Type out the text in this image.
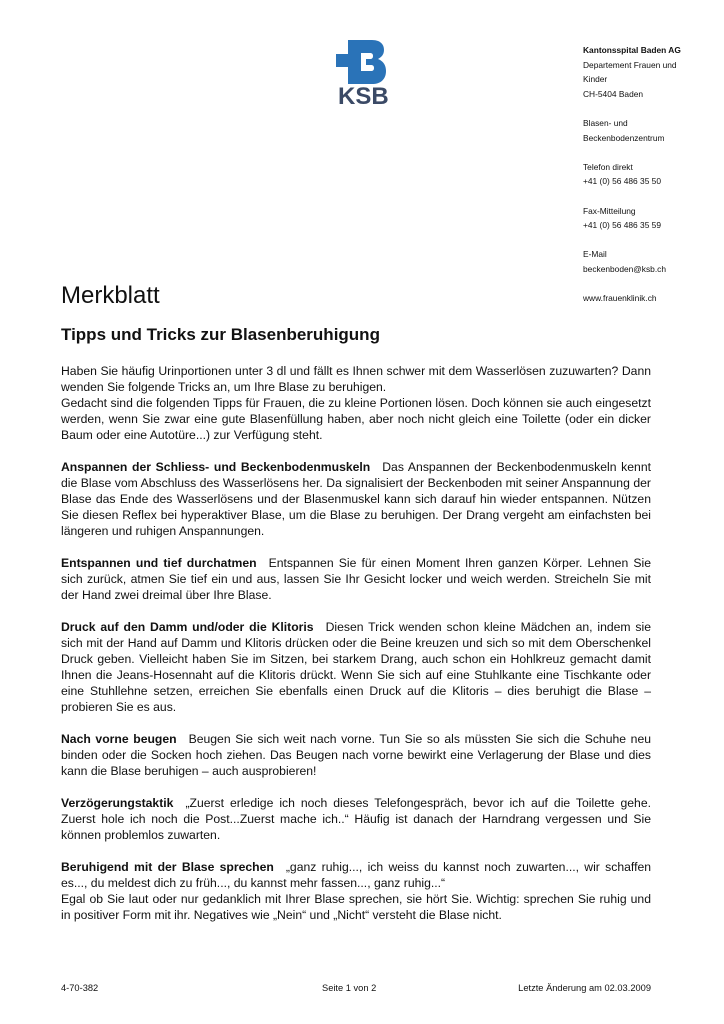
KSB
Kantonsspital Baden AG
Departement Frauen und
Kinder
CH-5404 Baden
Blasen- und
Beckenbodenzentrum
Telefon direkt
+41 (0) 56 486 35 50
Fax-Mitteilung
+41 (0) 56 486 35 59
E-Mail
beckenboden@ksb.ch
www.frauenklinik.ch
Merkblatt
Tipps und Tricks zur Blasenberuhigung

Haben Sie häufig Urinportionen unter 3 dl und fällt es Ihnen schwer mit dem Wasserlösen zuzuwarten? Dann wenden Sie folgende Tricks an, um Ihre Blase zu beruhigen.

Gedacht sind die folgenden Tipps für Frauen, die zu kleine Portionen lösen. Doch können sie auch eingesetzt werden, wenn Sie zwar eine gute Blasenfüllung haben, aber noch nicht gleich eine Toilette (oder ein dicker Baum oder eine Autotüre...) zur Verfügung steht.

Anspannen der Schliess- und Beckenbodenmuskeln Das Anspannen der Beckenbodenmuskeln kennt die Blase vom Abschluss des Wasserlösens her. Da signalisiert der Beckenboden mit seiner Anspannung der Blase das Ende des Wasserlösens und der Blasenmuskel kann sich darauf hin wieder entspannen. Nützen Sie diesen Reflex bei hyperaktiver Blase, um die Blase zu beruhigen. Der Drang vergeht am einfachsten bei längeren und ruhigen Anspannungen.

Entspannen und tief durchatmen Entspannen Sie für einen Moment Ihren ganzen Körper. Lehnen Sie sich zurück, atmen Sie tief ein und aus, lassen Sie Ihr Gesicht locker und weich werden. Streicheln Sie mit der Hand zwei dreimal über Ihre Blase.

Druck auf den Damm und/oder die Klitoris Diesen Trick wenden schon kleine Mädchen an, indem sie sich mit der Hand auf Damm und Klitoris drücken oder die Beine kreuzen und sich so mit dem Oberschenkel Druck geben. Vielleicht haben Sie im Sitzen, bei starkem Drang, auch schon ein Hohlkreuz gemacht damit Ihnen die Jeans-Hosennaht auf die Klitoris drückt. Wenn Sie sich auf eine Stuhlkante eine Tischkante oder eine Stuhllehne setzen, erreichen Sie ebenfalls einen Druck auf die Klitoris – dies beruhigt die Blase – probieren Sie es aus.

Nach vorne beugen Beugen Sie sich weit nach vorne. Tun Sie so als müssten Sie sich die Schuhe neu binden oder die Socken hoch ziehen. Das Beugen nach vorne bewirkt eine Verlagerung der Blase und dies kann die Blase beruhigen – auch ausprobieren!

Verzögerungstaktik „Zuerst erledige ich noch dieses Telefongespräch, bevor ich auf die Toilette gehe. Zuerst hole ich noch die Post...Zuerst mache ich..“ Häufig ist danach der Harndrang vergessen und Sie können problemlos zuwarten.

Beruhigend mit der Blase sprechen „ganz ruhig..., ich weiss du kannst noch zuwarten..., wir schaffen es..., du meldest dich zu früh..., du kannst mehr fassen..., ganz ruhig...“

Egal ob Sie laut oder nur gedanklich mit Ihrer Blase sprechen, sie hört Sie. Wichtig: sprechen Sie ruhig und in positiver Form mit ihr. Negatives wie „Nein“ und „Nicht“ versteht die Blase nicht.

4-70-382	Seite 1 von 2	Letzte Änderung am 02.03.2009
